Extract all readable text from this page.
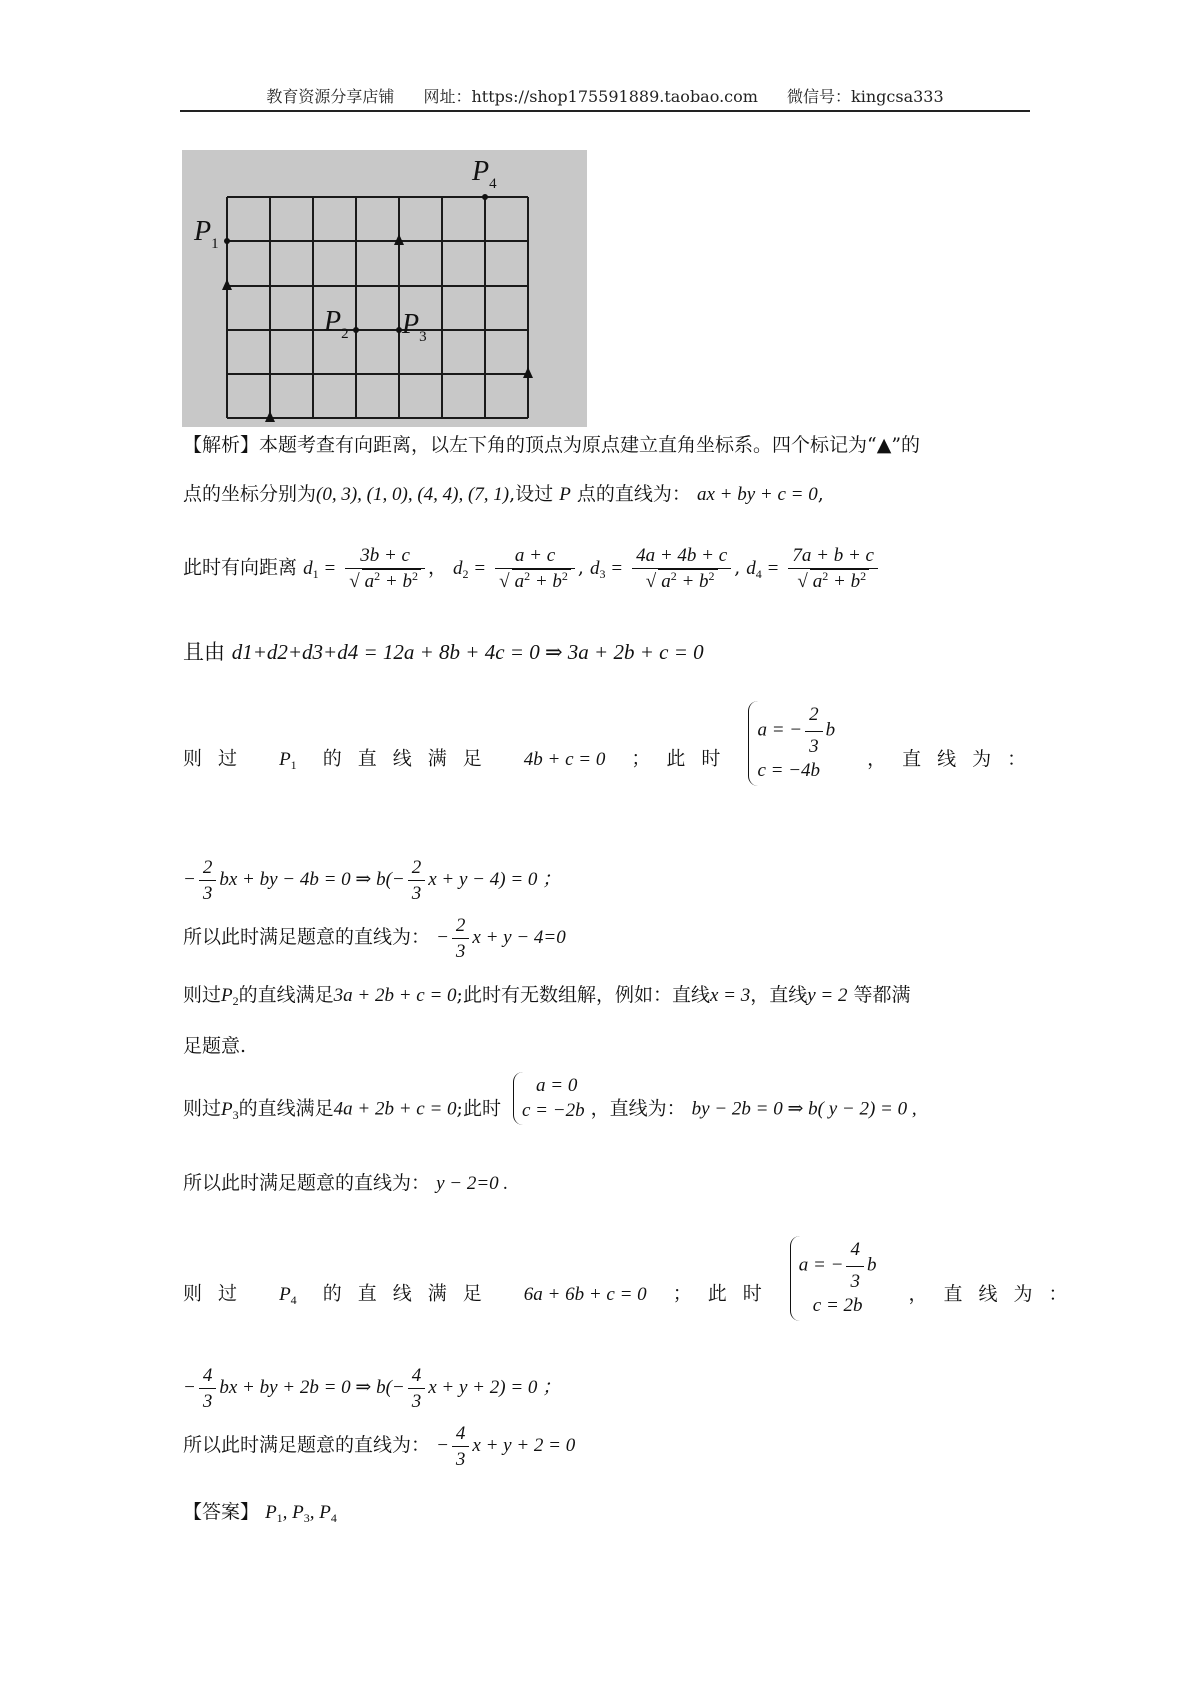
教育资源分享店铺 网址：https://shop175591889.taobao.com 微信号：kingcsa333
$P_1$
$P_2$ $P_3$
$P_4$
【解析】本题考查有向距离，以左下角的顶点为原点建立直角坐标系。四个标记为“▲”的
点的坐标分别为(0, 3), (1, 0), (4, 4), (7, 1),设过 P 点的直线为： ax + by + c = 0,
此时有向距离 $d_1 = \frac{3b + c}{√ a^2 + b^2}$ ， $d_2 = \frac{a + c}{√ a^2 + b^2}$ , $d_3 = \frac{4a + 4b + c}{√ a^2 + b^2}$ , $d_4 = \frac{7a + b + c}{√ a^2 + b^2}$
且由 d1+d2+d3+d4 = 12a + 8b + 4c = 0 ⇒ 3a + 2b + c = 0
则过 $P_1$ 的直线满足 4b + c = 0 ；此时
a = − $\frac{2}{3}$ b
c = −4b
，直线为：
− $\frac{2}{3}$ bx + by − 4b = 0 ⇒ $b(- \frac{2}{3}$ x + y − 4) = 0 ；
所以此时满足题意的直线为： − $\frac{2}{3}$ x + y − 4=0
则过$P_2$的直线满足3a + 2b + c = 0;此时有无数组解，例如：直线x = 3，直线y = 2 等都满
足题意.
则过$P_3$的直线满足4a + 2b + c = 0;此时
a = 0
c = −2b ，直线为： by − 2b = 0 ⇒ b( y − 2) = 0 ,
所以此时满足题意的直线为： y − 2=0 .
则过 $P_4$ 的直线满足 6a + 6b + c = 0 ；此时
a = − $\frac{4}{3}$ b
c = 2b
，直线为：
− $\frac{4}{3}$ bx + by + 2b = 0 ⇒ $b(- \frac{4}{3}$ x + y + 2) = 0 ；
所以此时满足题意的直线为： − $\frac{4}{3}$ x + y + 2 = 0
【答案】 $P_1$, $P_3$, $P_4$
